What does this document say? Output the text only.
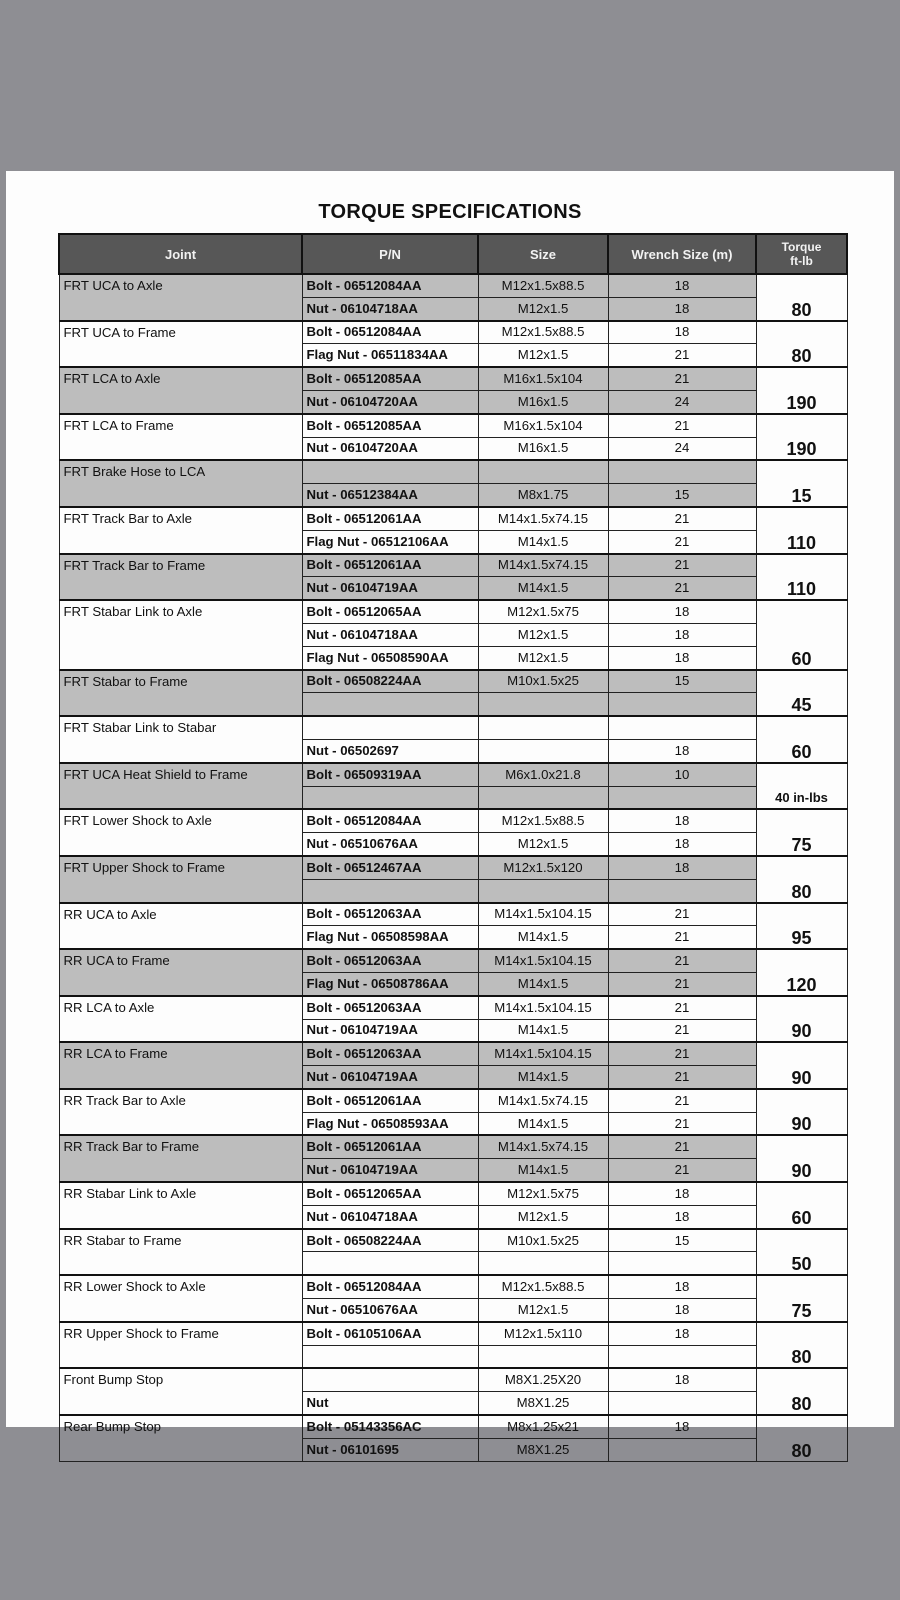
TORQUE SPECIFICATIONS
Joint	P/N	Size	Wrench Size (m)	Torque
ft-lb

FRT UCA to Axle	Bolt - 06512084AA	M12x1.5x88.5	18	80
	Nut - 06104718AA	M12x1.5	18	
FRT UCA to Frame	Bolt - 06512084AA	M12x1.5x88.5	18	80
	Flag Nut - 06511834AA	M12x1.5	21	
FRT LCA to Axle	Bolt - 06512085AA	M16x1.5x104	21	190
	Nut - 06104720AA	M16x1.5	24	
FRT LCA to Frame	Bolt - 06512085AA	M16x1.5x104	21	190
	Nut - 06104720AA	M16x1.5	24	
FRT Brake Hose to LCA				15
	Nut - 06512384AA	M8x1.75	15	
FRT Track Bar to Axle	Bolt - 06512061AA	M14x1.5x74.15	21	110
	Flag Nut - 06512106AA	M14x1.5	21	
FRT Track Bar to Frame	Bolt - 06512061AA	M14x1.5x74.15	21	110
	Nut - 06104719AA	M14x1.5	21	
FRT Stabar Link to Axle	Bolt - 06512065AA	M12x1.5x75	18	60
	Nut - 06104718AA	M12x1.5	18	
	Flag Nut - 06508590AA	M12x1.5	18	
FRT Stabar to Frame	Bolt - 06508224AA	M10x1.5x25	15	45

FRT Stabar Link to Stabar				60
	Nut - 06502697		18	
FRT UCA Heat Shield to Frame	Bolt - 06509319AA	M6x1.0x21.8	10	40 in-lbs

FRT Lower Shock to Axle	Bolt - 06512084AA	M12x1.5x88.5	18	75
	Nut - 06510676AA	M12x1.5	18	
FRT Upper Shock to Frame	Bolt - 06512467AA	M12x1.5x120	18	80

RR UCA to Axle	Bolt - 06512063AA	M14x1.5x104.15	21	95
	Flag Nut - 06508598AA	M14x1.5	21	
RR UCA to Frame	Bolt - 06512063AA	M14x1.5x104.15	21	120
	Flag Nut - 06508786AA	M14x1.5	21	
RR LCA to Axle	Bolt - 06512063AA	M14x1.5x104.15	21	90
	Nut - 06104719AA	M14x1.5	21	
RR LCA to Frame	Bolt - 06512063AA	M14x1.5x104.15	21	90
	Nut - 06104719AA	M14x1.5	21	
RR Track Bar to Axle	Bolt - 06512061AA	M14x1.5x74.15	21	90
	Flag Nut - 06508593AA	M14x1.5	21	
RR Track Bar to Frame	Bolt - 06512061AA	M14x1.5x74.15	21	90
	Nut - 06104719AA	M14x1.5	21	
RR Stabar Link to Axle	Bolt - 06512065AA	M12x1.5x75	18	60
	Nut - 06104718AA	M12x1.5	18	
RR Stabar to Frame	Bolt - 06508224AA	M10x1.5x25	15	50

RR Lower Shock to Axle	Bolt - 06512084AA	M12x1.5x88.5	18	75
	Nut - 06510676AA	M12x1.5	18	
RR Upper Shock to Frame	Bolt - 06105106AA	M12x1.5x110	18	80

Front Bump Stop		M8X1.25X20	18	80
	Nut	M8X1.25		
Rear Bump Stop	Bolt - 05143356AC	M8x1.25x21	18	80
	Nut - 06101695	M8X1.25		
